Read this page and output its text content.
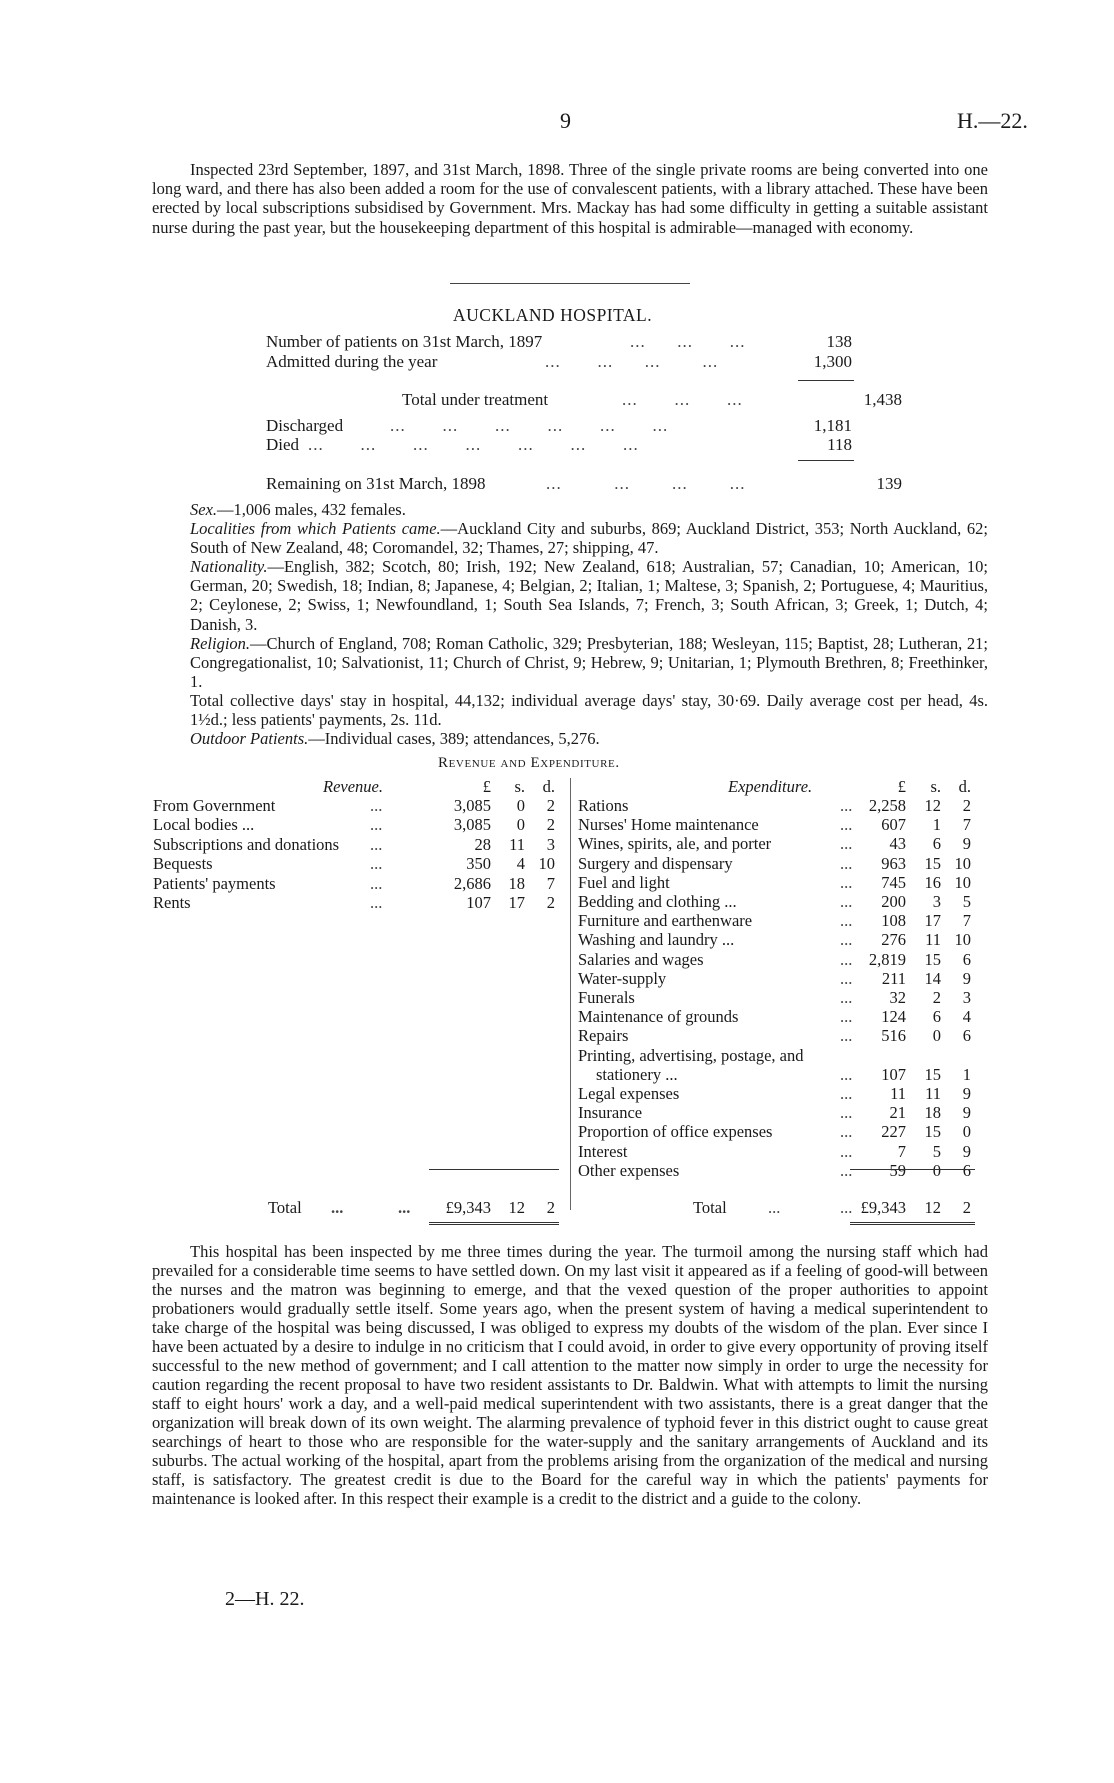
9	H.—22.
Inspected 23rd September, 1897, and 31st March, 1898. Three of the single private rooms are being converted into one long ward, and there has also been added a room for the use of convalescent patients, with a library attached. These have been erected by local subscriptions subsidised by Government. Mrs. Mackay has had some difficulty in getting a suitable assistant nurse during the past year, but the housekeeping department of this hospital is admirable—managed with economy.
AUCKLAND HOSPITAL.
Number of patients on 31st March, 1897	...      ...       ...	138
Admitted during the year	...       ...      ...        ...	1,300
Total under treatment	...       ...       ...	1,438
Discharged	...       ...       ...       ...       ...       ...	1,181
Died ...       ...       ...       ...       ...       ...       ...	118
Remaining on 31st March, 1898	...          ...        ...        ...	139

Sex.—1,006 males, 432 females.

Localities from which Patients came.—Auckland City and suburbs, 869; Auckland District, 353; North Auckland, 62; South of New Zealand, 48; Coromandel, 32; Thames, 27; shipping, 47.

Nationality.—English, 382; Scotch, 80; Irish, 192; New Zealand, 618; Australian, 57; Canadian, 10; American, 10; German, 20; Swedish, 18; Indian, 8; Japanese, 4; Belgian, 2; Italian, 1; Maltese, 3; Spanish, 2; Portuguese, 4; Mauritius, 2; Ceylonese, 2; Swiss, 1; Newfoundland, 1; South Sea Islands, 7; French, 3; South African, 3; Greek, 1; Dutch, 4; Danish, 3.

Religion.—Church of England, 708; Roman Catholic, 329; Presbyterian, 188; Wesleyan, 115; Baptist, 28; Lutheran, 21; Congregationalist, 10; Salvationist, 11; Church of Christ, 9; Hebrew, 9; Unitarian, 1; Plymouth Brethren, 8; Freethinker, 1.

Total collective days' stay in hospital, 44,132; individual average days' stay, 30·69. Daily average cost per head, 4s. 1½d.; less patients' payments, 2s. 11d.

Outdoor Patients.—Individual cases, 389; attendances, 5,276.

Revenue and Expenditure.
Revenue.	£	s.	d.
From Government	...	3,085	0	2
Local bodies ...	...	3,085	0	2
Subscriptions and donations ...	28	11	3
Bequests	...	350	4 10
Patients' payments	...	2,686	18	7
Rents	...	107	17	2
Total ...	...	£9,343	12	2
Expenditure.	£	s.	d.
Rations	...	2,258	12	2
Nurses' Home maintenance	...	607	1	7
Wines, spirits, ale, and porter	...	43	6	9
Surgery and dispensary	...	963	15 10
Fuel and light	...	745	16 10
Bedding and clothing ...	...	200	3	5
Furniture and earthenware	...	108	17	7
Washing and laundry ...	...	276	11 10
Salaries and wages	...	2,819	15	6
Water-supply	...	211	14	9
Funerals	...	32	2	3
Maintenance of grounds	...	124	6	4
Repairs	...	516	0	6
Printing, advertising, postage, and
stationery ...	...	107	15	1
Legal expenses	...	11	11	9
Insurance	...	21	18	9
Proportion of office expenses	...	227	15	0
Interest	...	7	5	9
Other expenses	...	59	0	6
Total	...	... £9,343	12	2
This hospital has been inspected by me three times during the year. The turmoil among the nursing staff which had prevailed for a considerable time seems to have settled down. On my last visit it appeared as if a feeling of good-will between the nurses and the matron was beginning to emerge, and that the vexed question of the proper authorities to appoint probationers would gradually settle itself. Some years ago, when the present system of having a medical superintendent to take charge of the hospital was being discussed, I was obliged to express my doubts of the wisdom of the plan. Ever since I have been actuated by a desire to indulge in no criticism that I could avoid, in order to give every opportunity of proving itself successful to the new method of government; and I call attention to the matter now simply in order to urge the necessity for caution regarding the recent proposal to have two resident assistants to Dr. Baldwin. What with attempts to limit the nursing staff to eight hours' work a day, and a well-paid medical superintendent with two assistants, there is a great danger that the organization will break down of its own weight. The alarming prevalence of typhoid fever in this district ought to cause great searchings of heart to those who are responsible for the water-supply and the sanitary arrangements of Auckland and its suburbs. The actual working of the hospital, apart from the problems arising from the organization of the medical and nursing staff, is satisfactory. The greatest credit is due to the Board for the careful way in which the patients' payments for maintenance is looked after. In this respect their example is a credit to the district and a guide to the colony.
2—H. 22.
